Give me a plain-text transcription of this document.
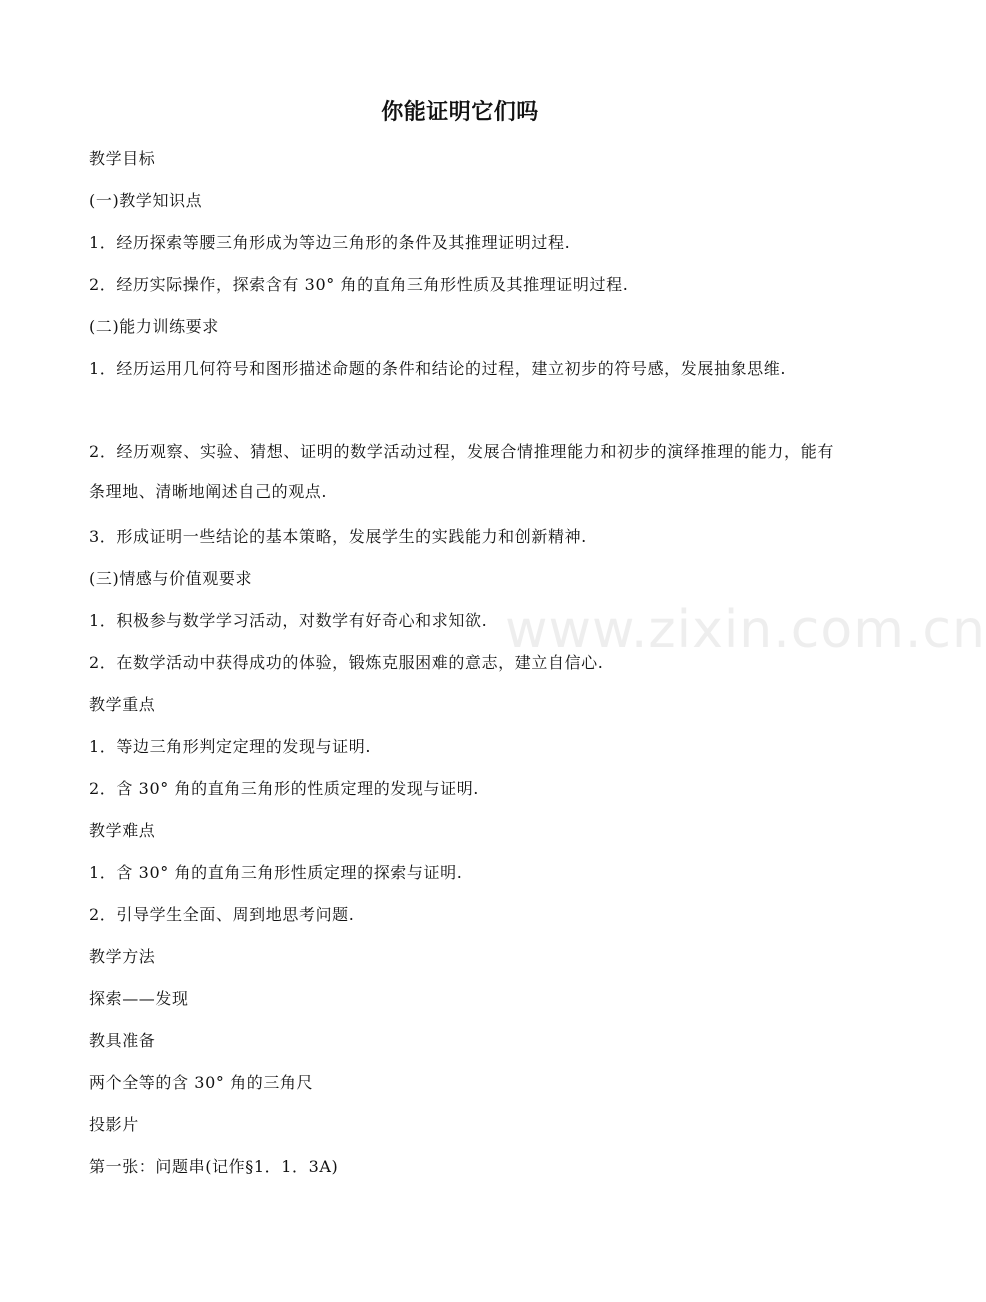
你能证明它们吗
教学目标
(一)教学知识点
1．经历探索等腰三角形成为等边三角形的条件及其推理证明过程.
2．经历实际操作，探索含有 30° 角的直角三角形性质及其推理证明过程.
(二)能力训练要求
1．经历运用几何符号和图形描述命题的条件和结论的过程，建立初步的符号感，发展抽象思维.
2．经历观察、实验、猜想、证明的数学活动过程，发展合情推理能力和初步的演绎推理的能力，能有条理地、清晰地阐述自己的观点.
3．形成证明一些结论的基本策略，发展学生的实践能力和创新精神.
(三)情感与价值观要求
1．积极参与数学学习活动，对数学有好奇心和求知欲.
2．在数学活动中获得成功的体验，锻炼克服困难的意志，建立自信心.
教学重点
1．等边三角形判定定理的发现与证明.
2．含 30° 角的直角三角形的性质定理的发现与证明.
教学难点
1．含 30° 角的直角三角形性质定理的探索与证明.
2．引导学生全面、周到地思考问题.
教学方法
探索——发现
教具准备
两个全等的含 30° 角的三角尺
投影片
第一张：问题串(记作§1．1．3A)
www.zixin.com.cn
